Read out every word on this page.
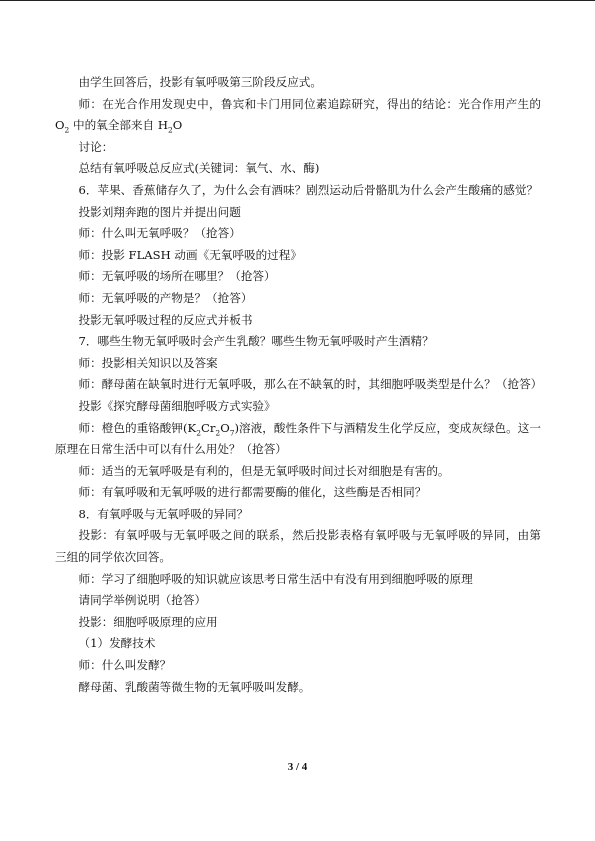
由学生回答后，投影有氧呼吸第三阶段反应式。

师：在光合作用发现史中，鲁宾和卡门用同位素追踪研究，得出的结论：光合作用产生的 $O_2$ 中的氧全部来自 $H_2O$

讨论：

总结有氧呼吸总反应式(关键词：氧气、水、酶)

6．苹果、香蕉储存久了，为什么会有酒味？剧烈运动后骨骼肌为什么会产生酸痛的感觉？

投影刘翔奔跑的图片并提出问题

师：什么叫无氧呼吸？（抢答）

师：投影 FLASH 动画《无氧呼吸的过程》

师：无氧呼吸的场所在哪里？（抢答）

师：无氧呼吸的产物是？（抢答）

投影无氧呼吸过程的反应式并板书

7．哪些生物无氧呼吸时会产生乳酸？哪些生物无氧呼吸时产生酒精？

师：投影相关知识以及答案

师：酵母菌在缺氧时进行无氧呼吸，那么在不缺氧的时，其细胞呼吸类型是什么？（抢答）

投影《探究酵母菌细胞呼吸方式实验》

师：橙色的重铬酸钾$(K_2Cr_2O_7)$溶液，酸性条件下与酒精发生化学反应，变成灰绿色。这一原理在日常生活中可以有什么用处？（抢答）

师：适当的无氧呼吸是有利的，但是无氧呼吸时间过长对细胞是有害的。

师：有氧呼吸和无氧呼吸的进行都需要酶的催化，这些酶是否相同？

8．有氧呼吸与无氧呼吸的异同？

投影：有氧呼吸与无氧呼吸之间的联系，然后投影表格有氧呼吸与无氧呼吸的异同，由第三组的同学依次回答。

师：学习了细胞呼吸的知识就应该思考日常生活中有没有用到细胞呼吸的原理

请同学举例说明（抢答）

投影：细胞呼吸原理的应用

（1）发酵技术

师：什么叫发酵？

酵母菌、乳酸菌等微生物的无氧呼吸叫发酵。

3 / 4
